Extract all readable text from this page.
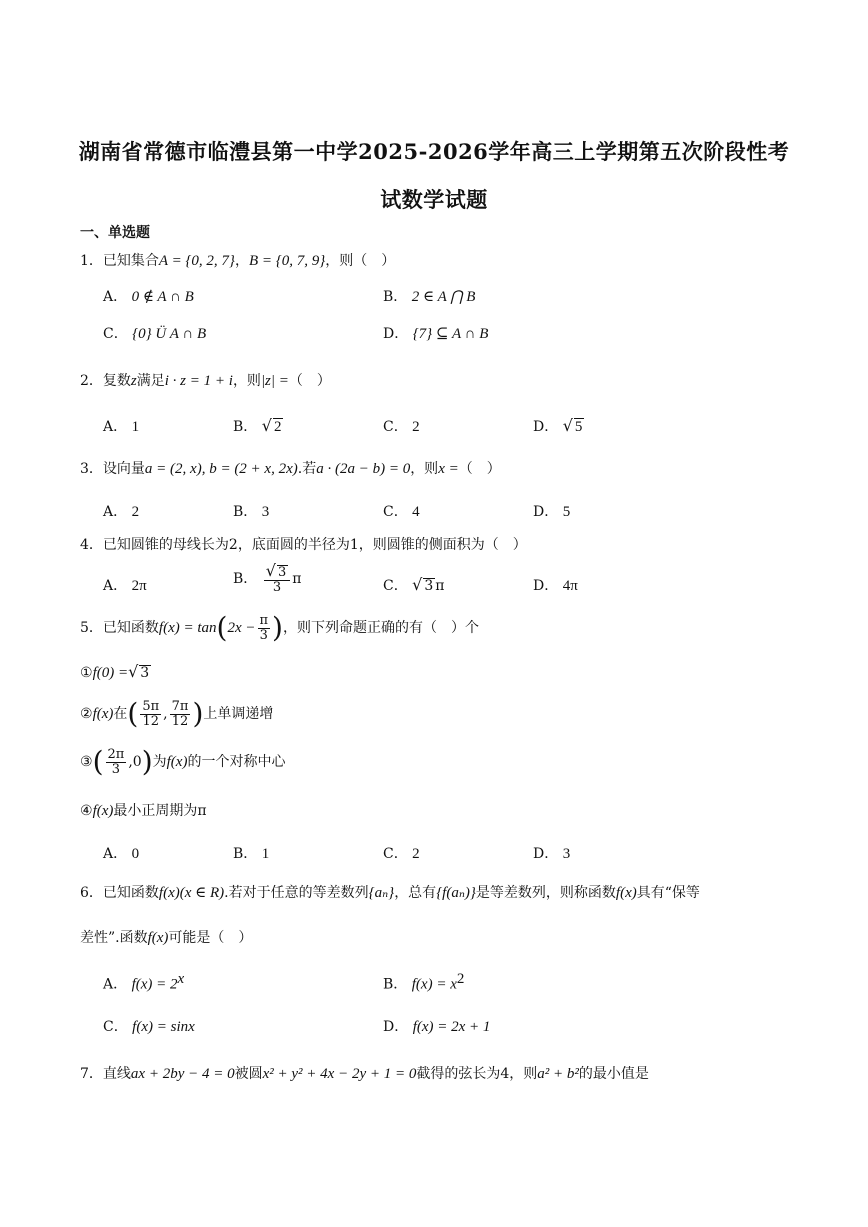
湖南省常德市临澧县第一中学2025-2026学年高三上学期第五次阶段性考
试数学试题
一、单选题
1．已知集合A = {0, 2, 7}，B = {0, 7, 9}，则（　）
A． 0 ∉ A ∩ B	B． 2 ∈ A ⋂ B
C． {0} Ü A ∩ B	D． {7} ⊆ A ∩ B
2．复数z满足i · z = 1 + i，则|z| =（　）
A． 1	B． √ 2	C． 2	D． √ 5
3．设向量a = (2, x), b = (2 + x, 2x).若a · (2a − b) = 0，则x =（　）
A． 2	B． 3	C． 4	D． 5
4．已知圆锥的母线长为2，底面圆的半径为1，则圆锥的侧面积为（　）
A． 2π	B． $\frac{√ 3}{3}$ π	C． √ 3 π	D． 4π
5．已知函数$f(x) = \tan(2x - \frac{\pi}{3}$ )，则下列命题正确的有（　）个
①f(0) =√ 3
②f(x)在( $\frac{5\pi}{12}$ , $\frac{7\pi}{12}$ )上单调递增
③( $\frac{2\pi}{3} ,0$)为f(x)的一个对称中心
④f(x)最小正周期为π
A． 0	B． 1	C． 2	D． 3
6．已知函数f(x)(x ∈ R).若对于任意的等差数列{aₙ}，总有{f(aₙ)}是等差数列，则称函数f(x)具有“保等
差性”.函数f(x)可能是（　）
A． $f(x) = 2^x$	B． $f(x) = x^2$
C． f(x) = sinx	D． f(x) = 2x + 1
7．直线ax + 2by − 4 = 0被圆x² + y² + 4x − 2y + 1 = 0截得的弦长为4，则a² + b²的最小值是
